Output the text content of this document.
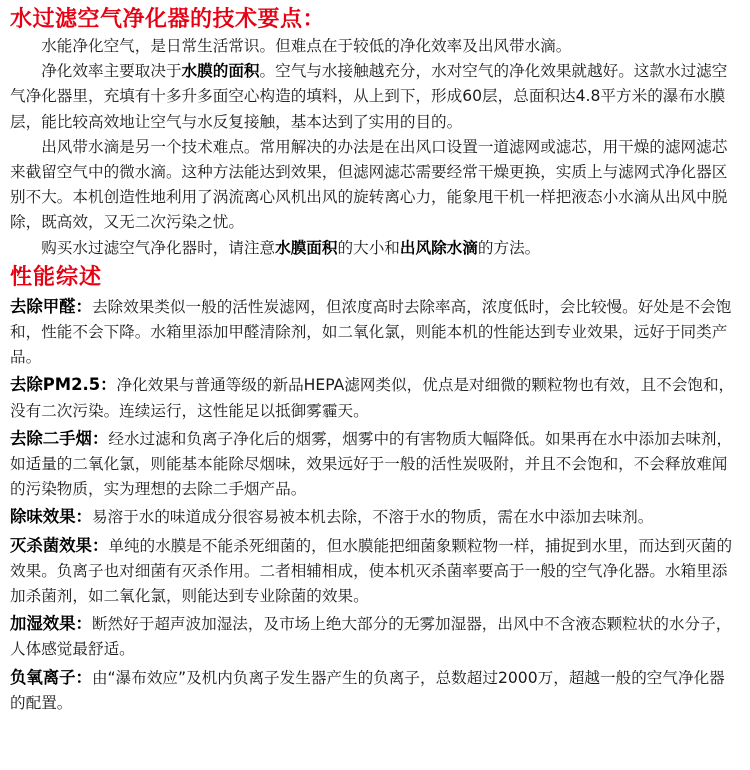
水过滤空气净化器的技术要点：

水能净化空气，是日常生活常识。但难点在于较低的净化效率及出风带水滴。

净化效率主要取决于水膜的面积。空气与水接触越充分，水对空气的净化效果就越好。这款水过滤空气净化器里，充填有十多升多面空心构造的填料，从上到下，形成60层，总面积达4.8平方米的瀑布水膜层，能比较高效地让空气与水反复接触，基本达到了实用的目的。

出风带水滴是另一个技术难点。常用解决的办法是在出风口设置一道滤网或滤芯，用干燥的滤网滤芯来截留空气中的微水滴。这种方法能达到效果，但滤网滤芯需要经常干燥更换，实质上与滤网式净化器区别不大。本机创造性地利用了涡流离心风机出风的旋转离心力，能象甩干机一样把液态小水滴从出风中脱除，既高效，又无二次污染之忧。

购买水过滤空气净化器时，请注意水膜面积的大小和出风除水滴的方法。

性能综述

去除甲醛：去除效果类似一般的活性炭滤网，但浓度高时去除率高，浓度低时，会比较慢。好处是不会饱和，性能不会下降。水箱里添加甲醛清除剂，如二氧化氯，则能本机的性能达到专业效果，远好于同类产品。

去除PM2.5：净化效果与普通等级的新品HEPA滤网类似，优点是对细微的颗粒物也有效，且不会饱和，没有二次污染。连续运行，这性能足以抵御雾霾天。

去除二手烟：经水过滤和负离子净化后的烟雾，烟雾中的有害物质大幅降低。如果再在水中添加去味剂，如适量的二氧化氯，则能基本能除尽烟味，效果远好于一般的活性炭吸附，并且不会饱和，不会释放难闻的污染物质，实为理想的去除二手烟产品。

除味效果：易溶于水的味道成分很容易被本机去除，不溶于水的物质，需在水中添加去味剂。

灭杀菌效果：单纯的水膜是不能杀死细菌的，但水膜能把细菌象颗粒物一样，捕捉到水里，而达到灭菌的效果。负离子也对细菌有灭杀作用。二者相辅相成，使本机灭杀菌率要高于一般的空气净化器。水箱里添加杀菌剂，如二氧化氯，则能达到专业除菌的效果。

加湿效果：断然好于超声波加湿法，及市场上绝大部分的无雾加湿器，出风中不含液态颗粒状的水分子，人体感觉最舒适。

负氧离子：由“瀑布效应”及机内负离子发生器产生的负离子，总数超过2000万，超越一般的空气净化器的配置。
